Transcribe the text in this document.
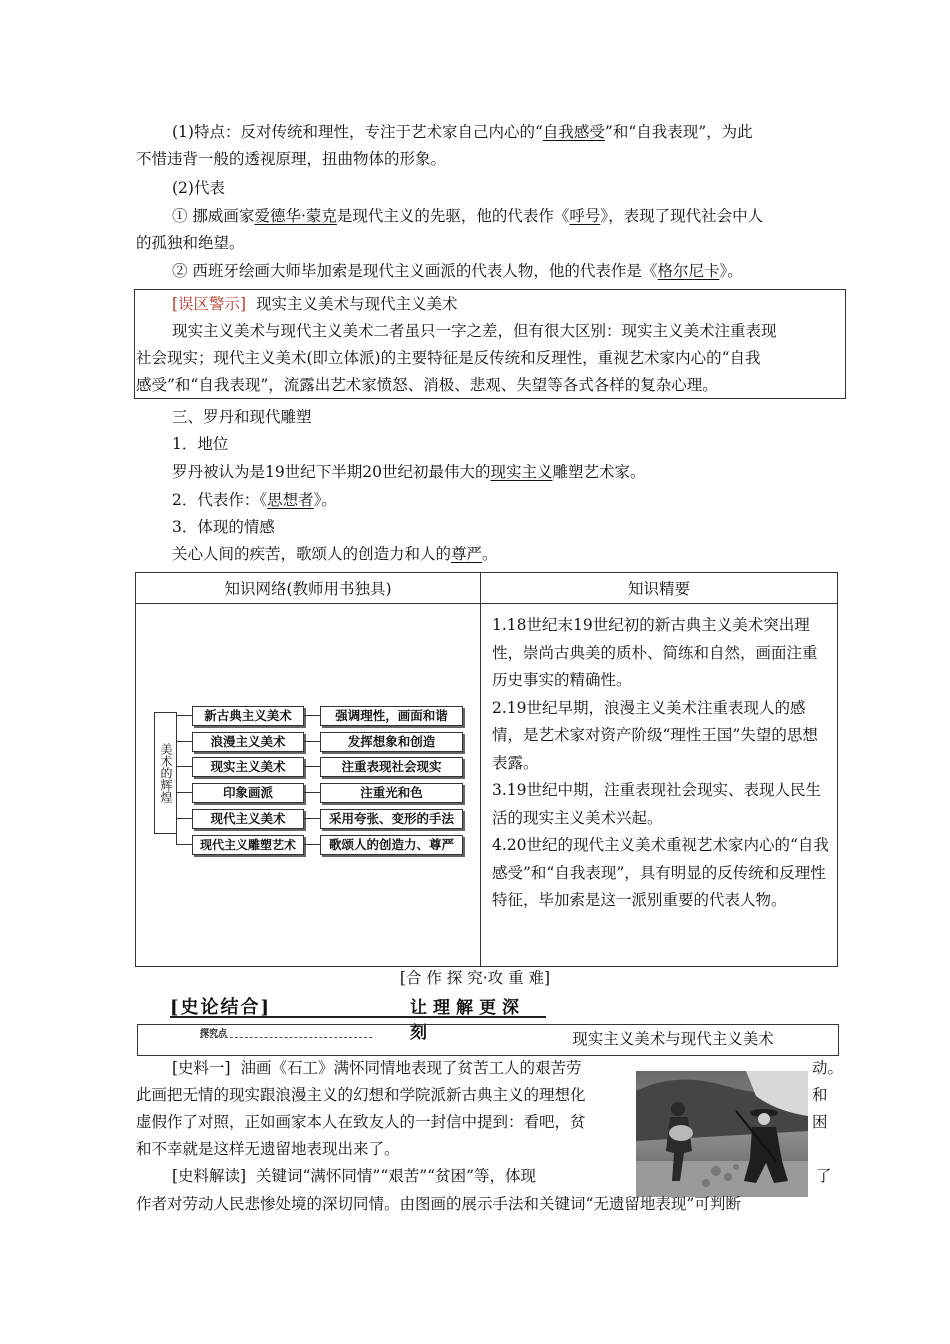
(1)特点：反对传统和理性，专注于艺术家自己内心的“自我感受”和“自我表现”，为此
不惜违背一般的透视原理，扭曲物体的形象。
(2)代表
① 挪威画家爱德华·蒙克是现代主义的先驱，他的代表作《呼号》，表现了现代社会中人
的孤独和绝望。
② 西班牙绘画大师毕加索是现代主义画派的代表人物，他的代表作是《格尔尼卡》。
[误区警示] 现实主义美术与现代主义美术
现实主义美术与现代主义美术二者虽只一字之差，但有很大区别：现实主义美术注重表现
社会现实；现代主义美术(即立体派)的主要特征是反传统和反理性，重视艺术家内心的“自我
感受”和“自我表现”，流露出艺术家愤怒、消极、悲观、失望等各式各样的复杂心理。
三、罗丹和现代雕塑
1．地位
罗丹被认为是19世纪下半期20世纪初最伟大的现实主义雕塑艺术家。
2．代表作：《思想者》。
3．体现的情感
关心人间的疾苦，歌颂人的创造力和人的尊严。
知识网络(教师用书独具)	知识精要

美术的辉煌
新古典主义美术	强调理性，画面和谐
浪漫主义美术	发挥想象和创造
现实主义美术	注重表现社会现实
印象画派	注重光和色
现代主义美术	采用夸张、变形的手法
现代主义雕塑艺术	歌颂人的创造力、尊严
1.18世纪末19世纪初的新古典主义美术突出理性，崇尚古典美的质朴、简练和自然，画面注重历史事实的精确性。
2.19世纪早期，浪漫主义美术注重表现人的感情，是艺术家对资产阶级“理性王国”失望的思想表露。
3.19世纪中期，注重表现社会现实、表现人民生活的现实主义美术兴起。
4.20世纪的现代主义美术重视艺术家内心的“自我感受”和“自我表现”，具有明显的反传统和反理性特征，毕加索是这一派别重要的代表人物。
[合 作 探 究·攻 重 难]
[史论结合]	让理解更深刻
探究点	现实主义美术与现代主义美术
[史料一] 油画《石工》满怀同情地表现了贫苦工人的艰苦劳	动。
此画把无情的现实跟浪漫主义的幻想和学院派新古典主义的理想化	和
虚假作了对照，正如画家本人在致友人的一封信中提到：看吧，贫	困
和不幸就是这样无遗留地表现出来了。
[史料解读] 关键词“满怀同情”“艰苦”“贫困”等，体现	了
作者对劳动人民悲惨处境的深切同情。由图画的展示手法和关键词“无遗留地表现”可判断
